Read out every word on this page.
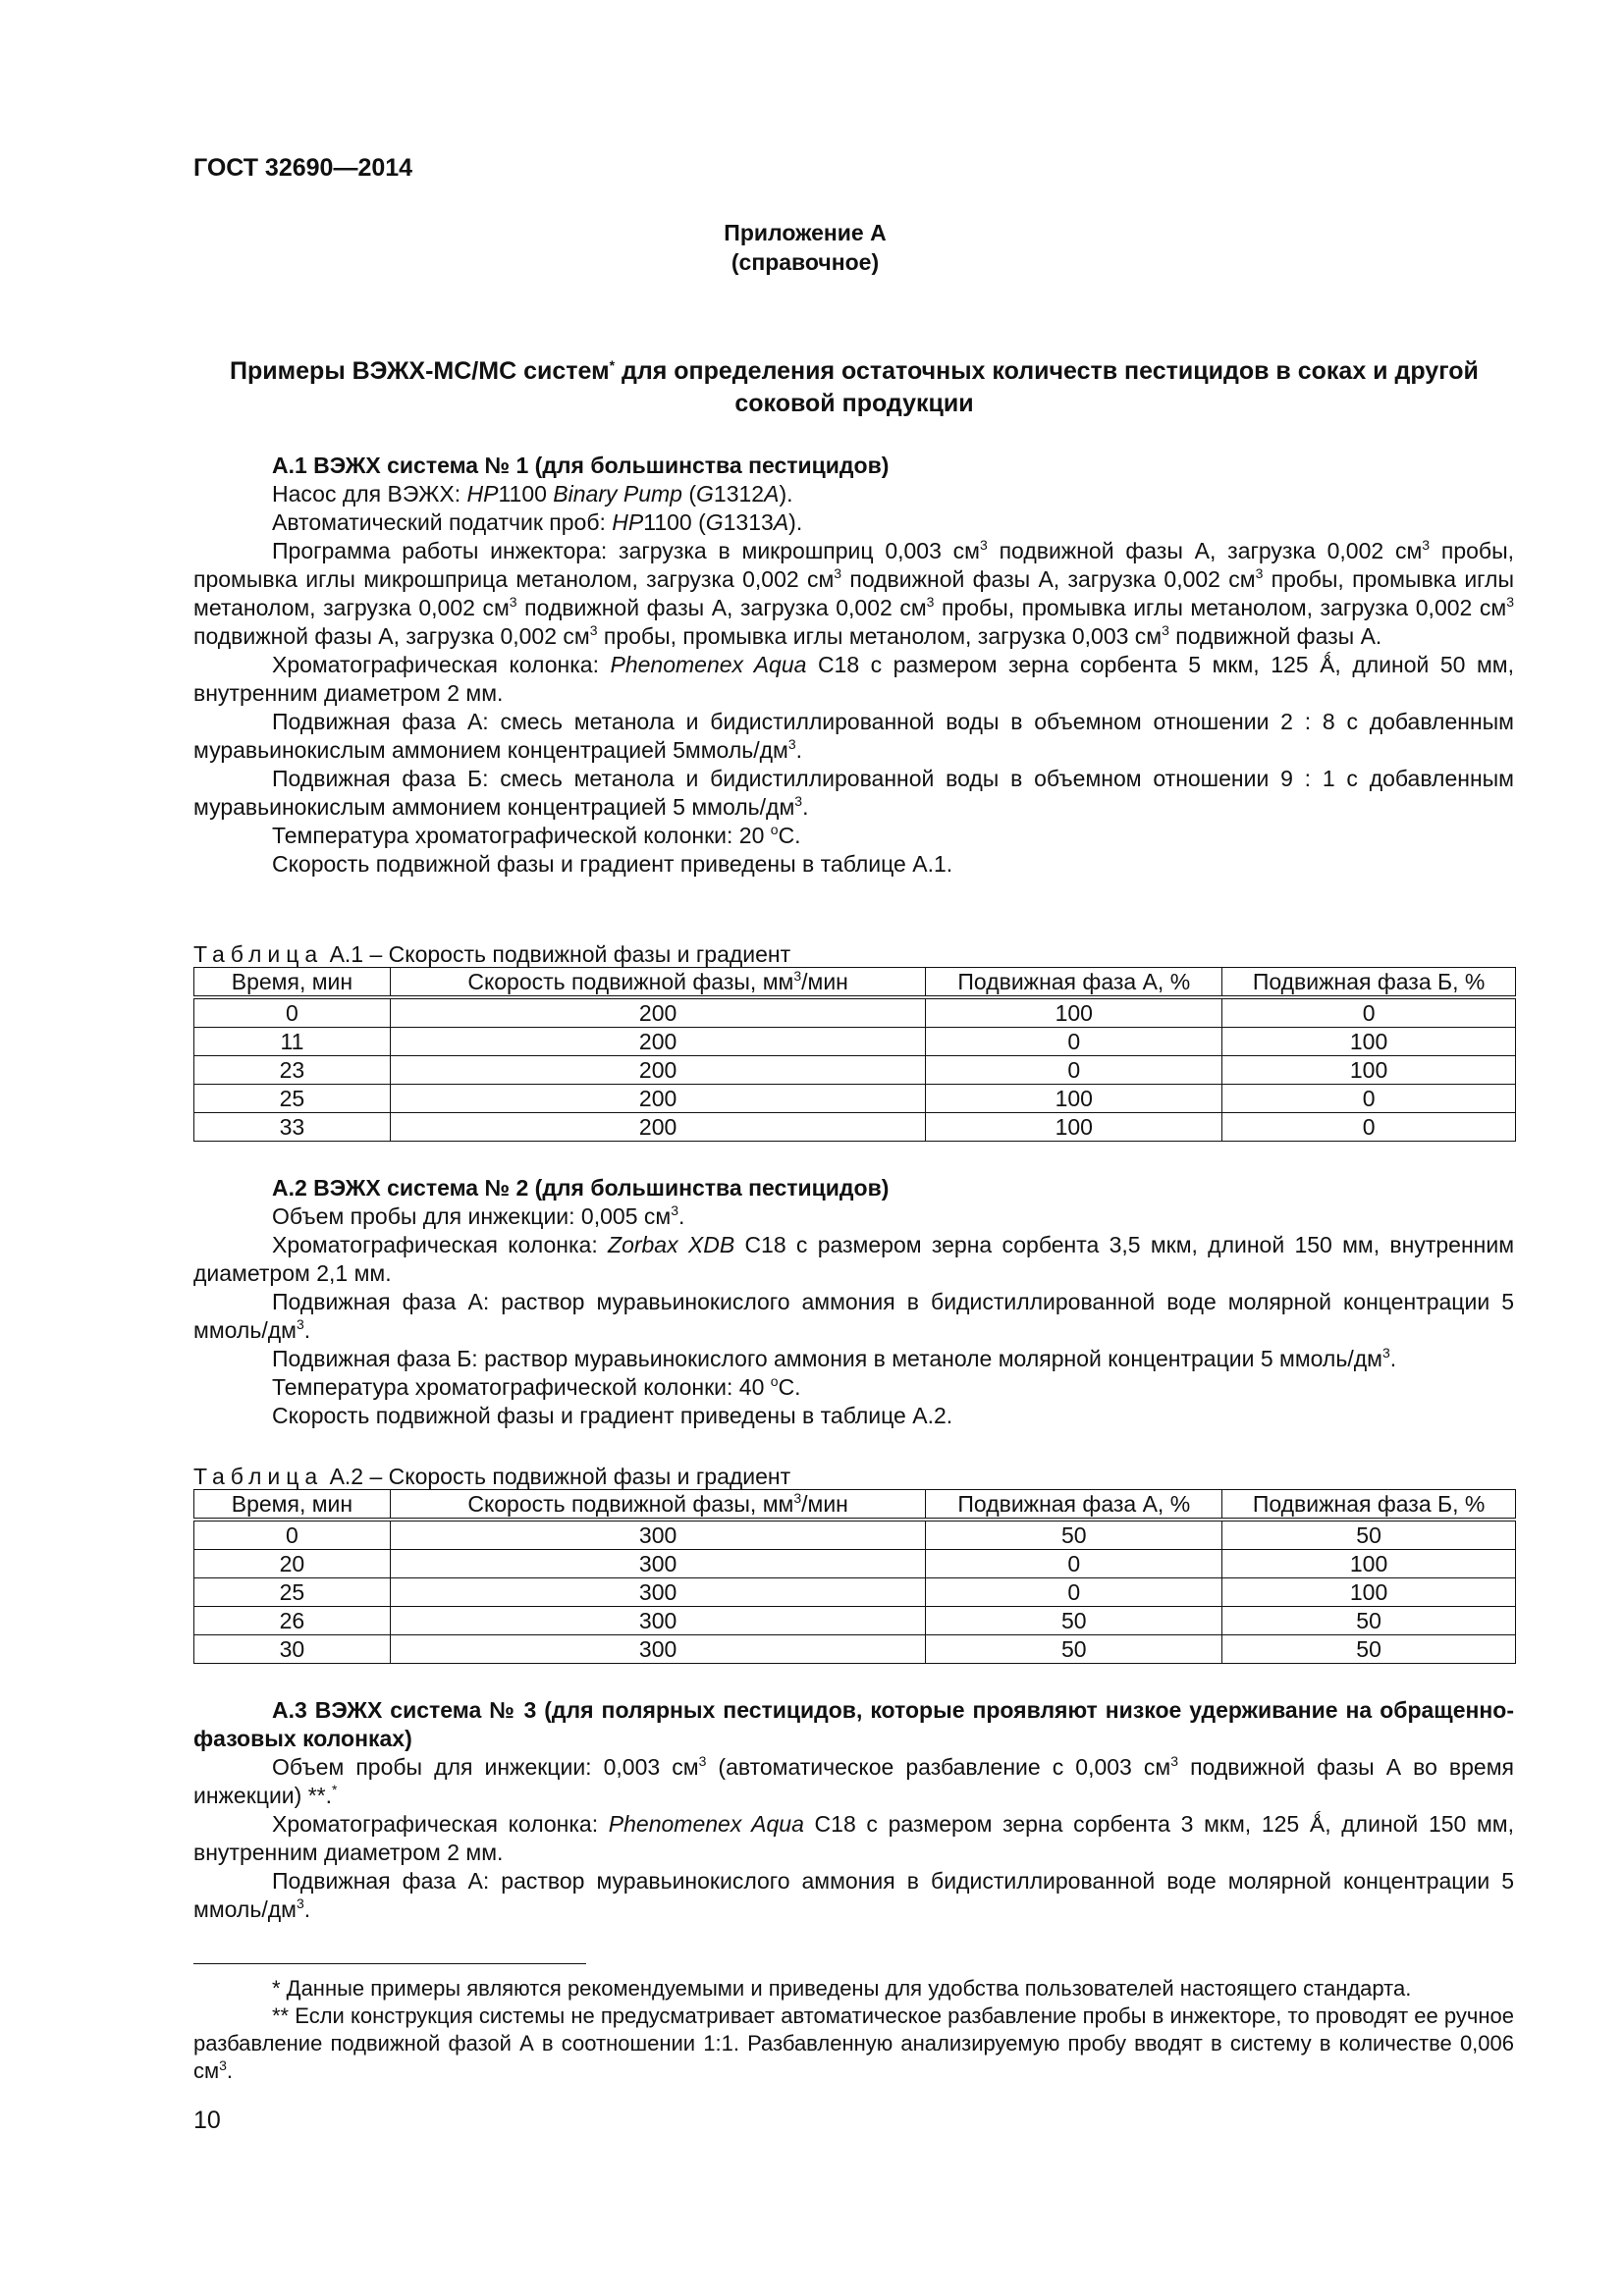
ГОСТ 32690—2014
Приложение А
(справочное)
Примеры ВЭЖХ-МС/МС систем* для определения остаточных количеств пестицидов в соках и другой соковой продукции

А.1 ВЭЖХ система № 1 (для большинства пестицидов)

Насос для ВЭЖХ: HP1100 Binary Pump (G1312A).

Автоматический податчик проб: HP1100 (G1313A).

Программа работы инжектора: загрузка в микрошприц 0,003 $см^3$ подвижной фазы А, загрузка 0,002 $см^3$ пробы, промывка иглы микрошприца метанолом, загрузка 0,002 $см^3$ подвижной фазы А, загрузка 0,002 $см^3$ пробы, промывка иглы метанолом, загрузка 0,002 $см^3$ подвижной фазы А, загрузка 0,002 $см^3$ пробы, промывка иглы метанолом, загрузка 0,002 $см^3$ подвижной фазы А, загрузка 0,002 $см^3$ пробы, промывка иглы метанолом, загрузка 0,003 $см^3$ подвижной фазы А.

Хроматографическая колонка: Phenomenex Aqua С18 с размером зерна сорбента 5 мкм, 125 Ǻ, длиной 50 мм, внутренним диаметром 2 мм.

Подвижная фаза А: смесь метанола и бидистиллированной воды в объемном отношении 2 : 8 с добавленным муравьинокислым аммонием концентрацией $5ммоль/дм^3$.

Подвижная фаза Б: смесь метанола и бидистиллированной воды в объемном отношении 9 : 1 с добавленным муравьинокислым аммонием концентрацией 5 ммоль/$дм^3$.

Температура хроматографической колонки: 20 $^о$С.

Скорость подвижной фазы и градиент приведены в таблице А.1.

Таблица А.1 – Скорость подвижной фазы и градиент
Время, мин	Скорость подвижной фазы, $мм^3$/мин	Подвижная фаза А, %	Подвижная фаза Б, %
0	200	100	0
11	200	0	100
23	200	0	100
25	200	100	0
33	200	100	0

А.2 ВЭЖХ система № 2 (для большинства пестицидов)

Объем пробы для инжекции: 0,005 $см^3$.

Хроматографическая колонка: Zorbax XDB С18 с размером зерна сорбента 3,5 мкм, длиной 150 мм, внутренним диаметром 2,1 мм.

Подвижная фаза А: раствор муравьинокислого аммония в бидистиллированной воде молярной концентрации 5 ммоль/$дм^3$.

Подвижная фаза Б: раствор муравьинокислого аммония в метаноле молярной концентрации 5 ммоль/$дм^3$.

Температура хроматографической колонки: 40 $^о$С.

Скорость подвижной фазы и градиент приведены в таблице А.2.

Таблица А.2 – Скорость подвижной фазы и градиент
Время, мин	Скорость подвижной фазы, $мм^3$/мин	Подвижная фаза А, %	Подвижная фаза Б, %
0	300	50	50
20	300	0	100
25	300	0	100
26	300	50	50
30	300	50	50

А.3 ВЭЖХ система № 3 (для полярных пестицидов, которые проявляют низкое удерживание на обращенно-фазовых колонках)

Объем пробы для инжекции: 0,003 $см^3$ (автоматическое разбавление с 0,003 $см^3$ подвижной фазы А во время инжекции) **.*

Хроматографическая колонка: Phenomenex Aqua С18 с размером зерна сорбента 3 мкм, 125 Ǻ, длиной 150 мм, внутренним диаметром 2 мм.

Подвижная фаза А: раствор муравьинокислого аммония в бидистиллированной воде молярной концентрации 5 ммоль/$дм^3$.

* Данные примеры являются рекомендуемыми и приведены для удобства пользователей настоящего стандарта.

** Если конструкция системы не предусматривает автоматическое разбавление пробы в инжекторе, то проводят ее ручное разбавление подвижной фазой А в соотношении 1:1. Разбавленную анализируемую пробу вводят в систему в количестве 0,006 $см^3$.

10
